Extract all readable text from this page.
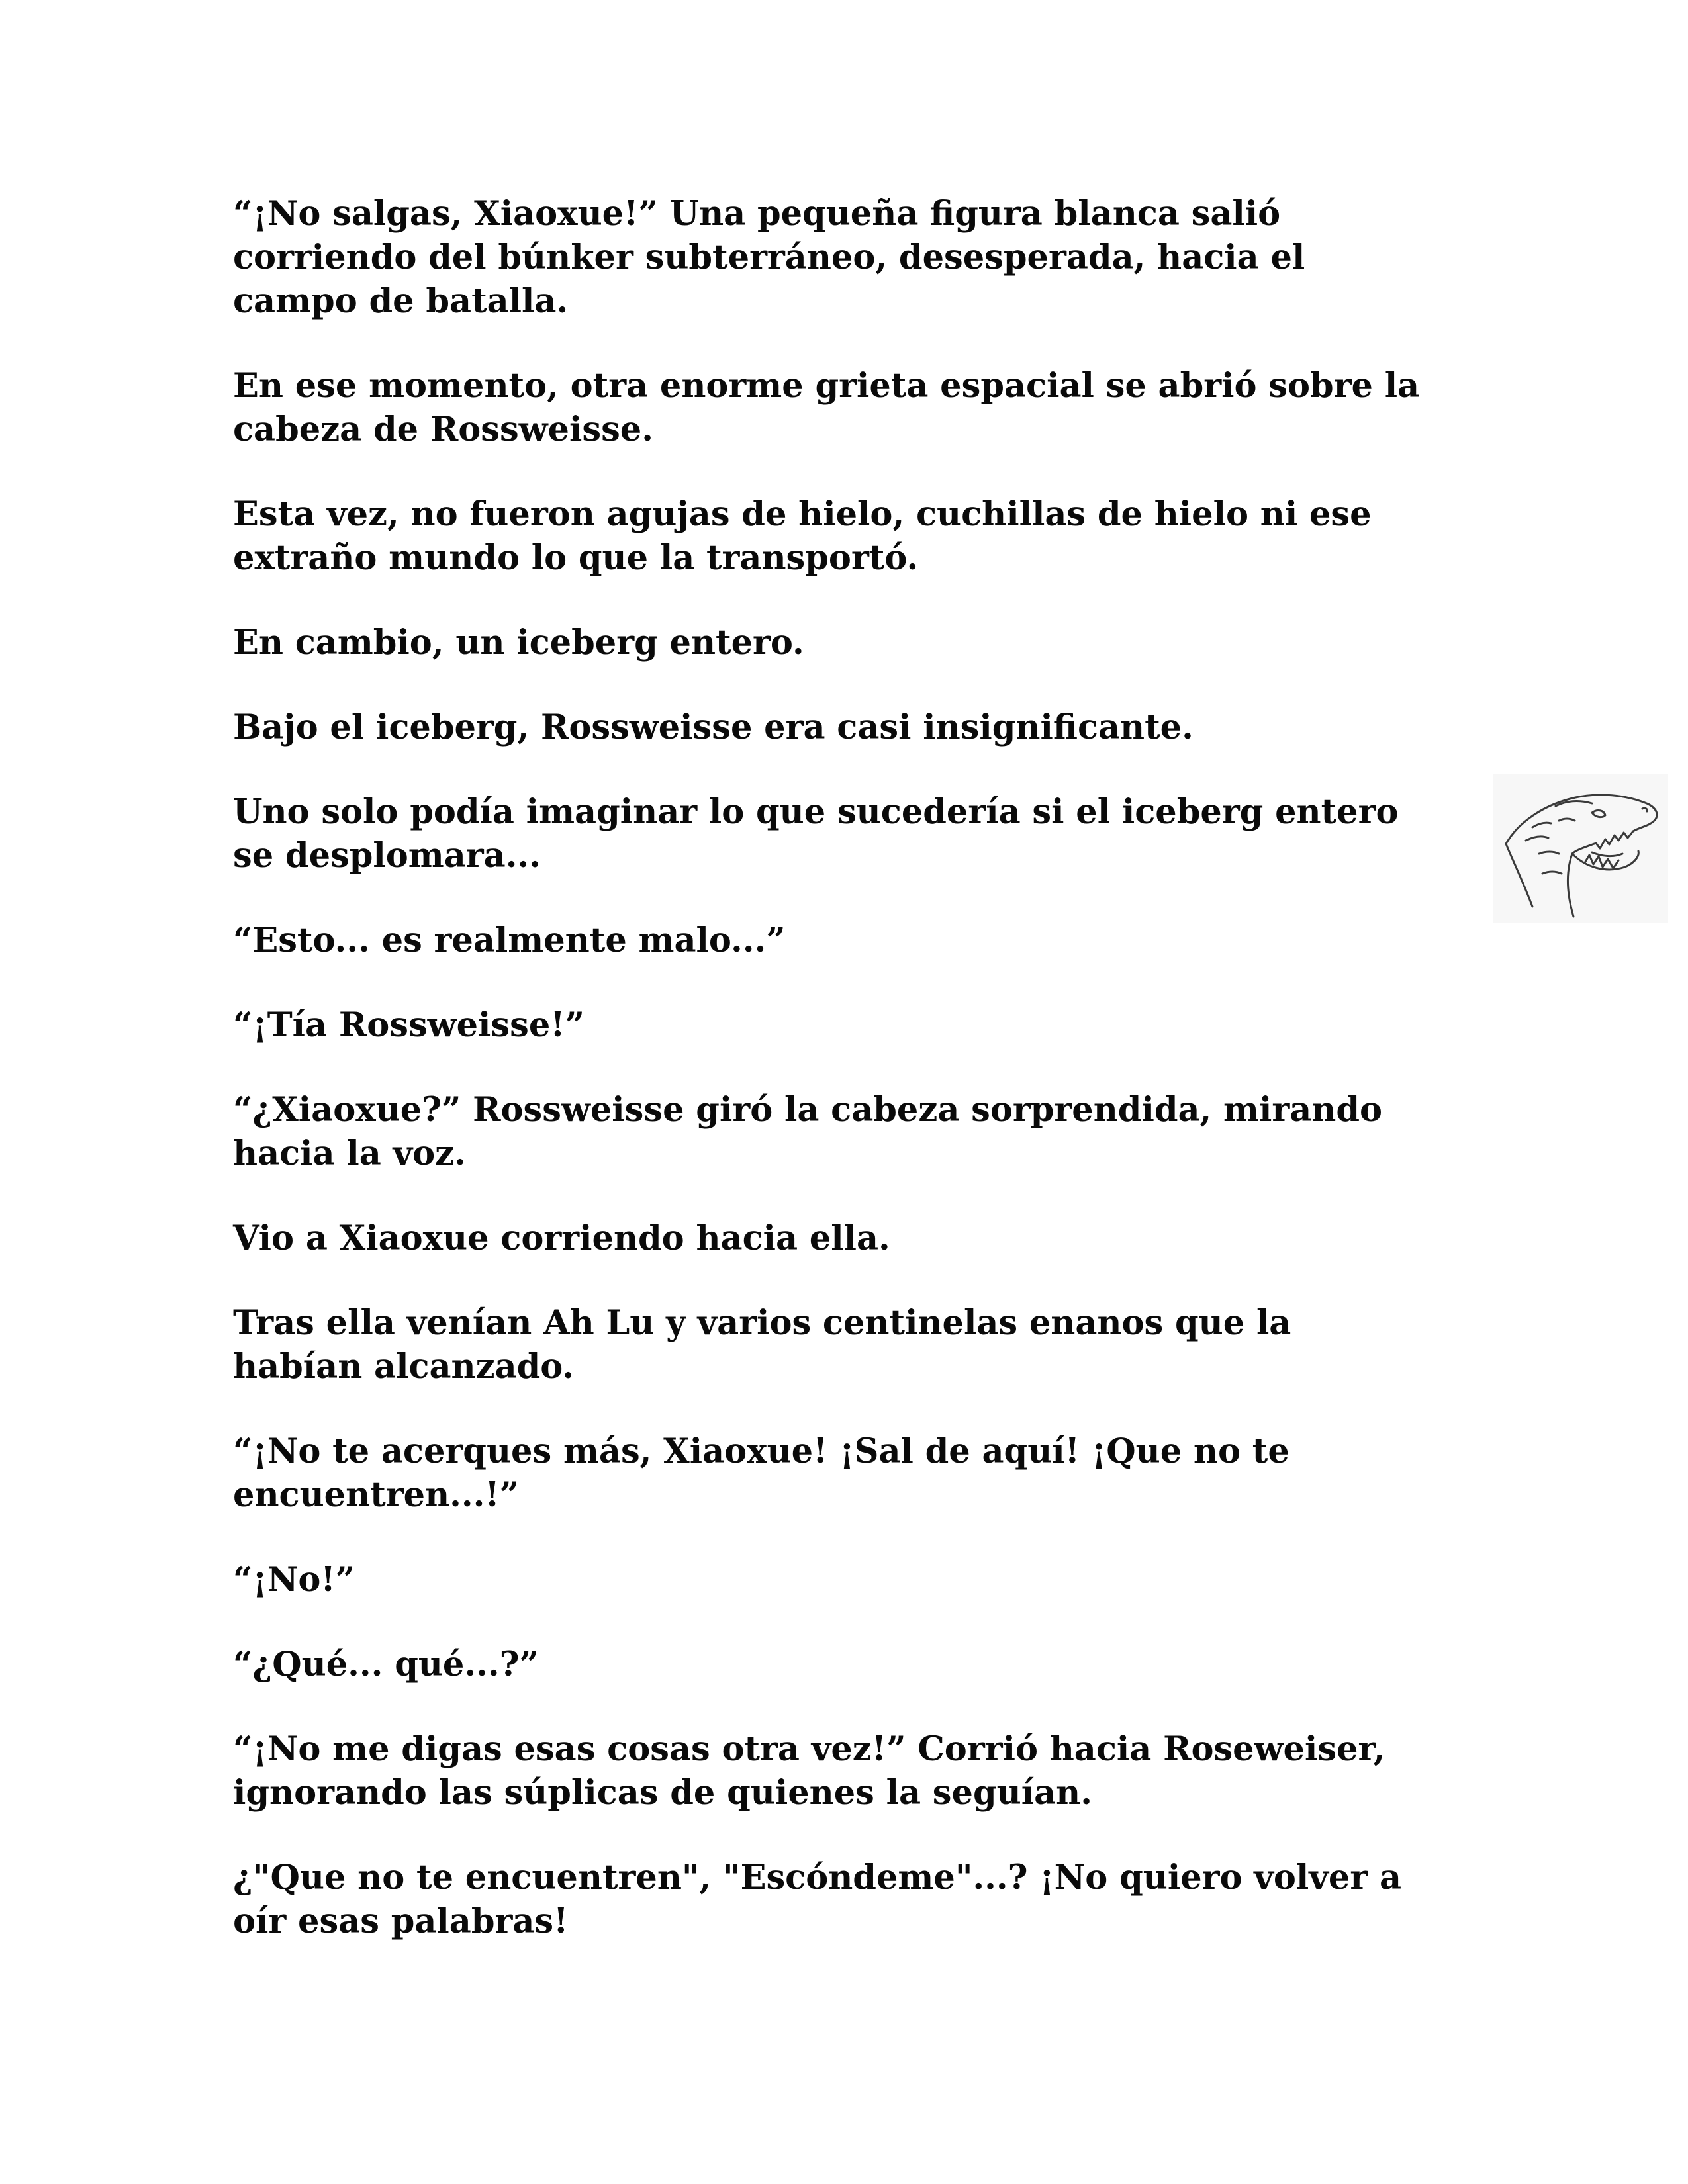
“¡No salgas, Xiaoxue!” Una pequeña figura blanca salió
corriendo del búnker subterráneo, desesperada, hacia el
campo de batalla.

En ese momento, otra enorme grieta espacial se abrió sobre la
cabeza de Rossweisse.

Esta vez, no fueron agujas de hielo, cuchillas de hielo ni ese
extraño mundo lo que la transportó.

En cambio, un iceberg entero.

Bajo el iceberg, Rossweisse era casi insignificante.

Uno solo podía imaginar lo que sucedería si el iceberg entero
se desplomara...

“Esto... es realmente malo...”

“¡Tía Rossweisse!”

“¿Xiaoxue?” Rossweisse giró la cabeza sorprendida, mirando
hacia la voz.

Vio a Xiaoxue corriendo hacia ella.

Tras ella venían Ah Lu y varios centinelas enanos que la
habían alcanzado.

“¡No te acerques más, Xiaoxue! ¡Sal de aquí! ¡Que no te
encuentren...!”

“¡No!”

“¿Qué... qué...?”

“¡No me digas esas cosas otra vez!” Corrió hacia Roseweiser,
ignorando las súplicas de quienes la seguían.

¿"Que no te encuentren", "Escóndeme"...? ¡No quiero volver a
oír esas palabras!
